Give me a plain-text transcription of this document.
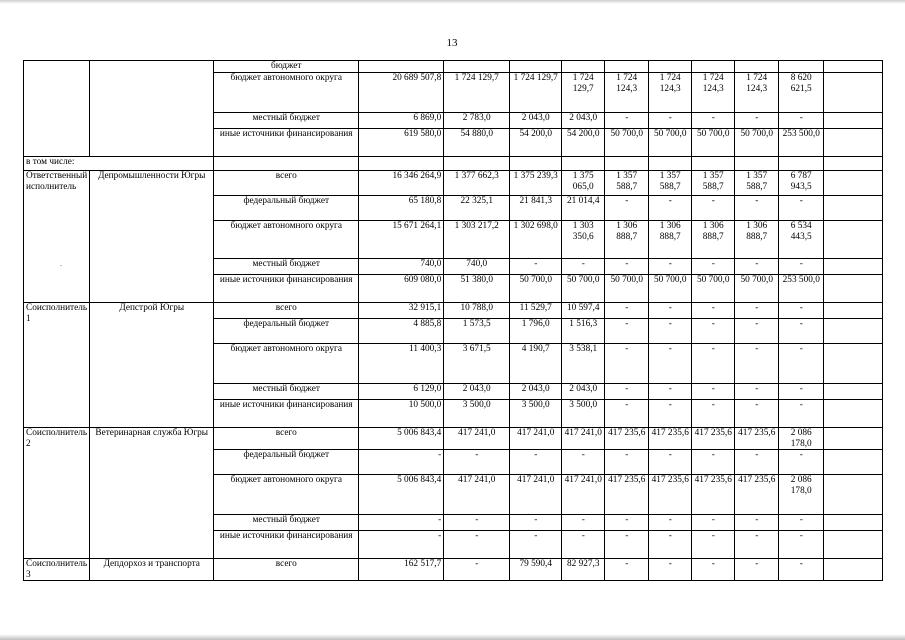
13
-
		бюджет										
		бюджет автономного округа	20 689 507,8	1 724 129,7	1 724 129,7	1 724 129,7	1 724 124,3	1 724 124,3	1 724 124,3	1 724 124,3	8 620 621,5	
		местный бюджет	6 869,0	2 783,0	2 043,0	2 043,0	-	-	-	-	-	
		иные источники финансирования	619 580,0	54 880,0	54 200,0	54 200,0	50 700,0	50 700,0	50 700,0	50 700,0	253 500,0	
в том числе:												
Ответственный исполнитель	Депромышленности Югры	всего	16 346 264,9	1 377 662,3	1 375 239,3	1 375 065,0	1 357 588,7	1 357 588,7	1 357 588,7	1 357 588,7	6 787 943,5	
		федеральный бюджет	65 180,8	22 325,1	21 841,3	21 014,4	-	-	-	-	-	
		бюджет автономного округа	15 671 264,1	1 303 217,2	1 302 698,0	1 303 350,6	1 306 888,7	1 306 888,7	1 306 888,7	1 306 888,7	6 534 443,5	
		местный бюджет	740,0	740,0	-	-	-	-	-	-	-	
		иные источники финансирования	609 080,0	51 380,0	50 700,0	50 700,0	50 700,0	50 700,0	50 700,0	50 700,0	253 500,0	
Соисполнитель 1	Депстрой Югры	всего	32 915,1	10 788,0	11 529,7	10 597,4	-	-	-	-	-	
		федеральный бюджет	4 885,8	1 573,5	1 796,0	1 516,3	-	-	-	-	-	
		бюджет автономного округа	11 400,3	3 671,5	4 190,7	3 538,1	-	-	-	-	-	
		местный бюджет	6 129,0	2 043,0	2 043,0	2 043,0	-	-	-	-	-	
		иные источники финансирования	10 500,0	3 500,0	3 500,0	3 500,0	-	-	-	-	-	
Соисполнитель 2	Ветеринарная служба Югры	всего	5 006 843,4	417 241,0	417 241,0	417 241,0	417 235,6	417 235,6	417 235,6	417 235,6	2 086 178,0	
		федеральный бюджет	-	-	-	-	-	-	-	-	-	
		бюджет автономного округа	5 006 843,4	417 241,0	417 241,0	417 241,0	417 235,6	417 235,6	417 235,6	417 235,6	2 086 178,0	
		местный бюджет	-	-	-	-	-	-	-	-	-	
		иные источники финансирования	-	-	-	-	-	-	-	-	-	
Соисполнитель 3	Депдорхоз и транспорта	всего	162 517,7	-	79 590,4	82 927,3	-	-	-	-	-	
